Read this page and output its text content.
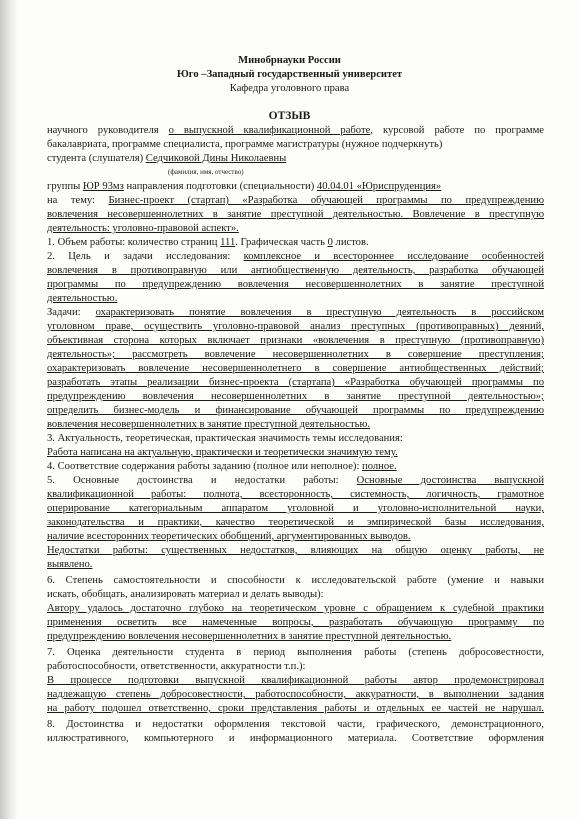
Минобрнауки России
Юго –Западный государственный университет
Кафедра уголовного права
ОТЗЫВ
научного руководителя о выпускной квалификационной работе, курсовой работе по программе
бакалавриата, программе специалиста, программе магистратуры (нужное подчеркнуть)
студента (слушателя) Седчиковой Дины Николаевны
(фамилия, имя, отчество)
группы ЮР 93мз направления подготовки (специальности) 40.04.01 «Юриспруденция»
на тему: Бизнес-проект (стартап) «Разработка обучающей программы по предупреждению
вовлечения несовершеннолетних в занятие преступной деятельностью. Вовлечение в преступную
деятельность: уголовно-правовой аспект».
1. Объем работы: количество страниц 111. Графическая часть 0 листов.
2. Цель и задачи исследования: комплексное и всестороннее исследование особенностей
вовлечения в противоправную или антиобщественную деятельность, разработка обучающей
программы по предупреждению вовлечения несовершеннолетних в занятие преступной
деятельностью.
Задачи: охарактеризовать понятие вовлечения в преступную деятельность в российском
уголовном праве, осуществить уголовно-правовой анализ преступных (противоправных) деяний,
объективная сторона которых включает признаки «вовлечения в преступную (противоправную)
деятельность»; рассмотреть вовлечение несовершеннолетних в совершение преступления;
охарактеризовать вовлечение несовершеннолетнего в совершение антиобщественных действий;
разработать этапы реализации бизнес-проекта (стартапа) «Разработка обучающей программы по
предупреждению вовлечения несовершеннолетних в занятие преступной деятельностью»;
определить бизнес-модель и финансирование обучающей программы по предупреждению
вовлечения несовершеннолетних в занятие преступной деятельностью.
3. Актуальность, теоретическая, практическая значимость темы исследования:
Работа написана на актуальную, практически и теоретически значимую тему.
4. Соответствие содержания работы заданию (полное или неполное): полное.
5. Основные достоинства и недостатки работы: Основные достоинства выпускной
квалификационной работы: полнота, всесторонность, системность, логичность, грамотное
оперирование категориальным аппаратом уголовной и уголовно-исполнительной науки,
законодательства и практики, качество теоретической и эмпирической базы исследования,
наличие всесторонних теоретических обобщений, аргументированных выводов.
Недостатки работы: существенных недостатков, влияющих на общую оценку работы, не
выявлено.
6. Степень самостоятельности и способности к исследовательской работе (умение и навыки
искать, обобщать, анализировать материал и делать выводы):
Автору удалось достаточно глубоко на теоретическом уровне с обращением к судебной практики
применения осветить все намеченные вопросы, разработать обучающую программу по
предупреждению вовлечения несовершеннолетних в занятие преступной деятельностью.
7. Оценка деятельности студента в период выполнения работы (степень добросовестности,
работоспособности, ответственности, аккуратности т.п.):
В процессе подготовки выпускной квалификационной работы автор продемонстрировал
надлежащую степень добросовестности, работоспособности, аккуратности, в выполнении задания
на работу подошел ответственно, сроки представления работы и отдельных ее частей не нарушал.
8. Достоинства и недостатки оформления текстовой части, графического, демонстрационного,
иллюстративного, компьютерного и информационного материала. Соответствие оформления
